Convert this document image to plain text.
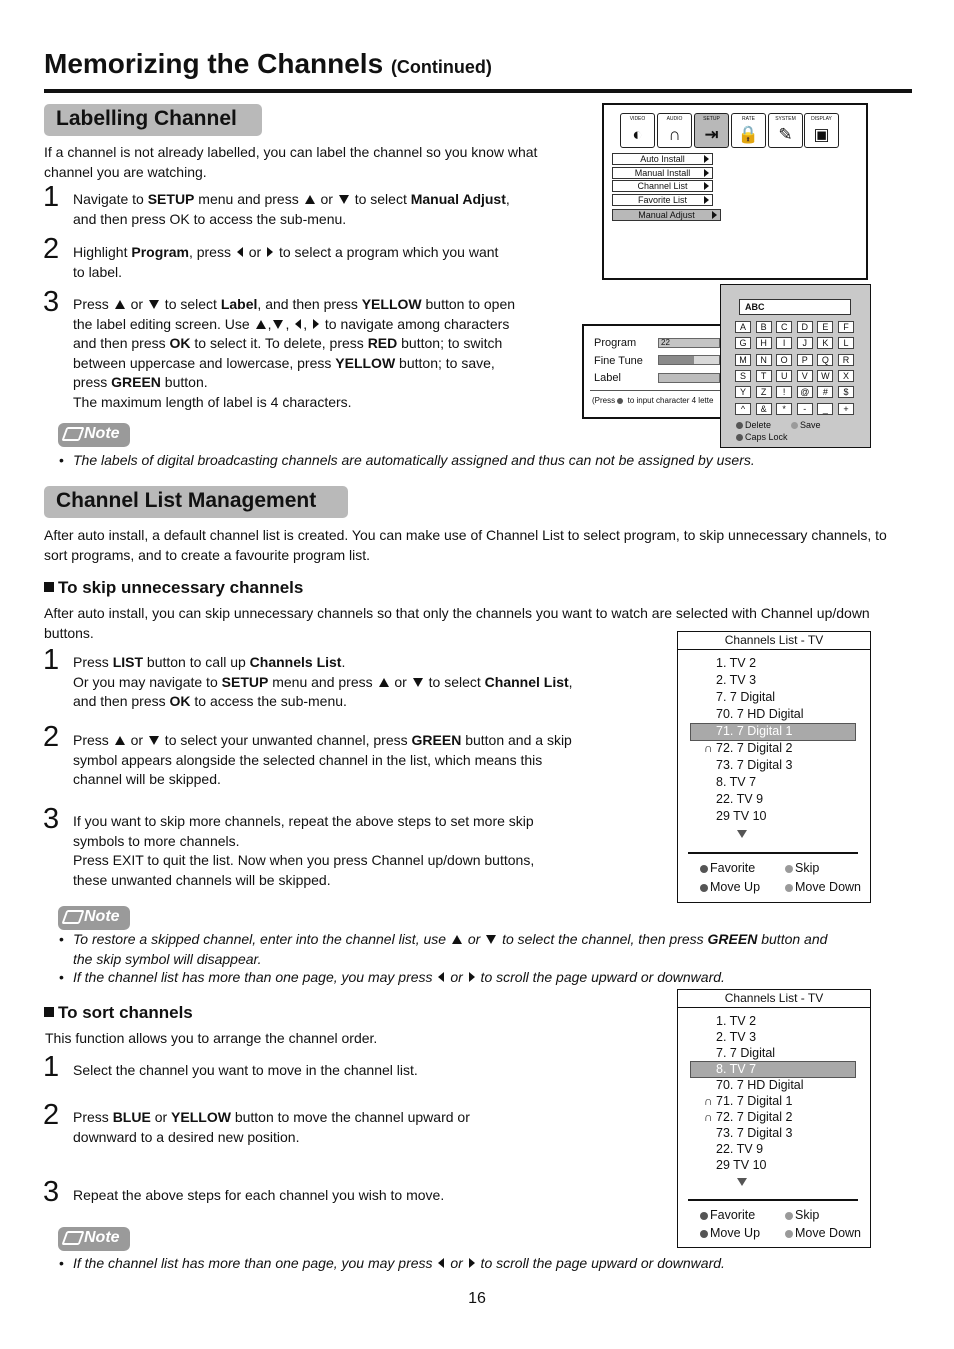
Memorizing the Channels (Continued)
Labelling Channel
If a channel is not already labelled, you can label the channel so you know what channel you are watching.
1 Navigate to SETUP menu and press  or  to select Manual Adjust,
and then press OK to access the sub-menu.
2 Highlight Program, press  or  to select a program which you want
to label.
3 Press  or  to select Label, and then press YELLOW button to open
the label editing screen. Use , , ,  to navigate among characters
and then press OK to select it. To delete, press RED button; to switch
between uppercase and lowercase, press YELLOW button; to save,
press GREEN button.
The maximum length of label is 4 characters.
VIDEO
◐
AUDIO
∩
SETUP
⇥
RATE
🔒
SYSTEM
✎
DISPLAY
▣
Auto Install
Manual Install
Channel List
Favorite List
Manual Adjust
Program	22
Fine Tune
Label
(Press to input character 4 lette
ABC
A	B	C	D	E	F
G	H	I	J	K	L
M	N	O	P	Q	R
S	T	U	V	W	X
Y	Z	!	@	#	$
^	&	*	-	_	+
Delete	Save
Caps Lock
Note
• The labels of digital broadcasting channels are automatically assigned and thus can not be assigned by users.
Channel List Management
After auto install, a default channel list is created. You can make use of Channel List to select program, to skip unnecessary channels, to sort programs, and to create a favourite program list.
To skip unnecessary channels
After auto install, you can skip unnecessary channels so that only the channels you want to watch are selected with Channel up/down buttons.
1 Press LIST button to call up Channels List.
Or you may navigate to SETUP menu and press  or  to select Channel List,
and then press OK to access the sub-menu.
2 Press  or  to select your unwanted channel, press GREEN button and a skip
symbol appears alongside the selected channel in the list, which means this
channel will be skipped.
3 If you want to skip more channels, repeat the above steps to set more skip
symbols to more channels.
Press EXIT to quit the list. Now when you press Channel up/down buttons,
these unwanted channels will be skipped.
Channels List - TV
1. TV 2
2. TV 3
7. 7 Digital
70. 7 HD Digital
71. 7 Digital 1
72. 7 Digital 2
∩
73. 7 Digital 3
8. TV 7
22. TV 9
29 TV 10
Favorite	Skip
Move Up	Move Down
Note
• To restore a skipped channel, enter into the channel list, use  or  to select the channel, then press GREEN button and
the skip symbol will disappear.
• If the channel list has more than one page, you may press  or  to scroll the page upward or downward.
To sort channels
This function allows you to arrange the channel order.
1 Select the channel you want to move in the channel list.
2 Press BLUE or YELLOW button to move the channel upward or
downward to a desired new position.
3 Repeat the above steps for each channel you wish to move.
Channels List - TV
1. TV 2
2. TV 3
7. 7 Digital
8. TV 7
70. 7 HD Digital
71. 7 Digital 1
∩
72. 7 Digital 2
∩
73. 7 Digital 3
22. TV 9
29 TV 10
Favorite	Skip
Move Up	Move Down
Note
• If the channel list has more than one page, you may press  or  to scroll the page upward or downward.
16
